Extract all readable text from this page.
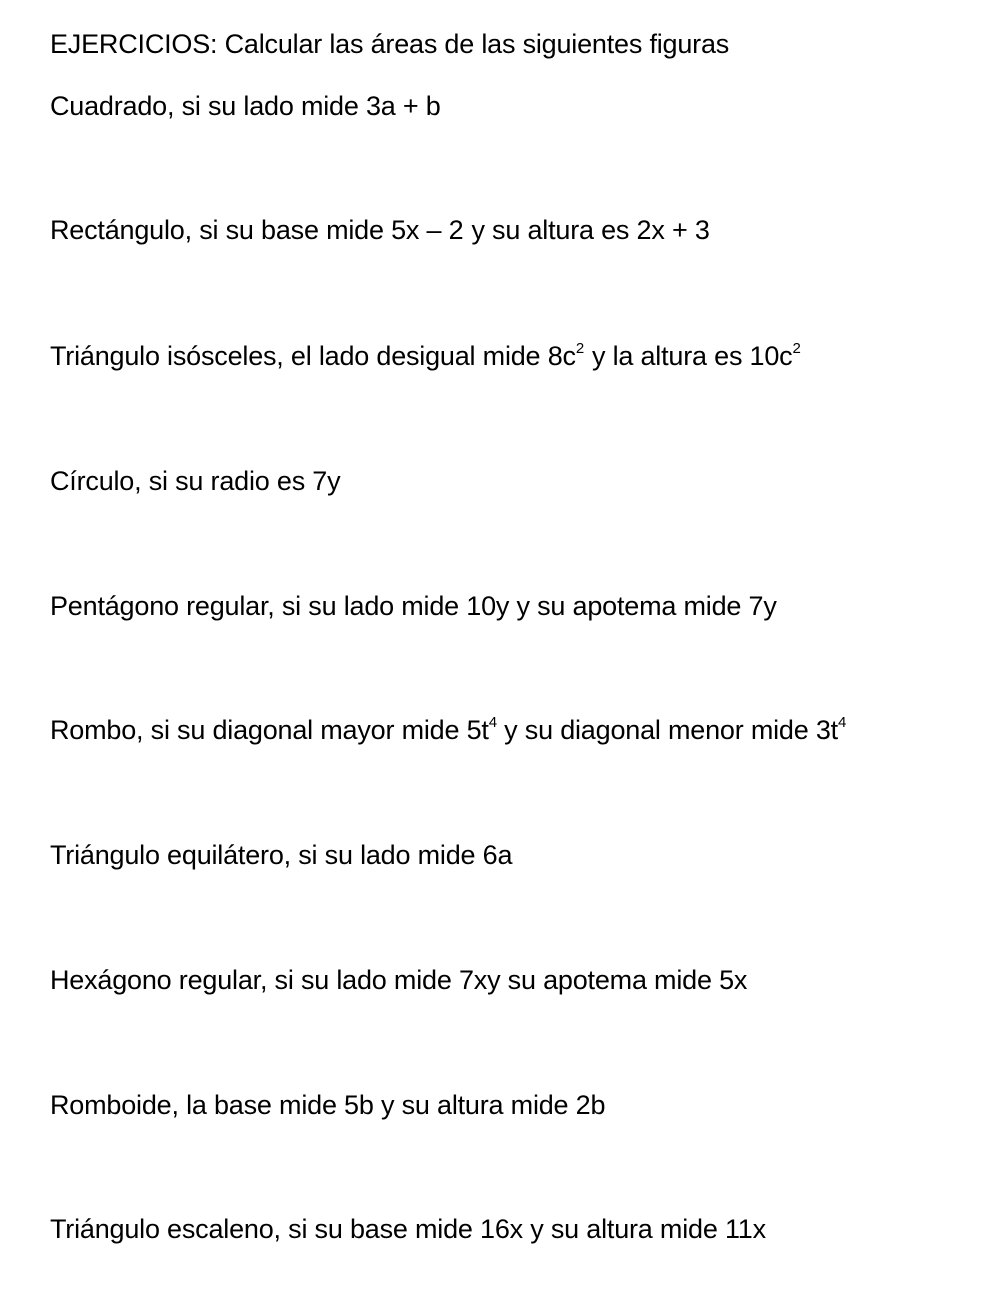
EJERCICIOS: Calcular las áreas de las siguientes figuras
Cuadrado, si su lado mide 3a + b
Rectángulo, si su base mide 5x – 2 y su altura es 2x + 3
Triángulo isósceles, el lado desigual mide $8c^2$ y la altura es $10c^2$
Círculo, si su radio es 7y
Pentágono regular, si su lado mide 10y y su apotema mide 7y
Rombo, si su diagonal mayor mide $5t^4$ y su diagonal menor mide $3t^4$
Triángulo equilátero, si su lado mide 6a
Hexágono regular, si su lado mide 7xy su apotema mide 5x
Romboide, la base mide 5b y su altura mide 2b
Triángulo escaleno, si su base mide 16x y su altura mide 11x
